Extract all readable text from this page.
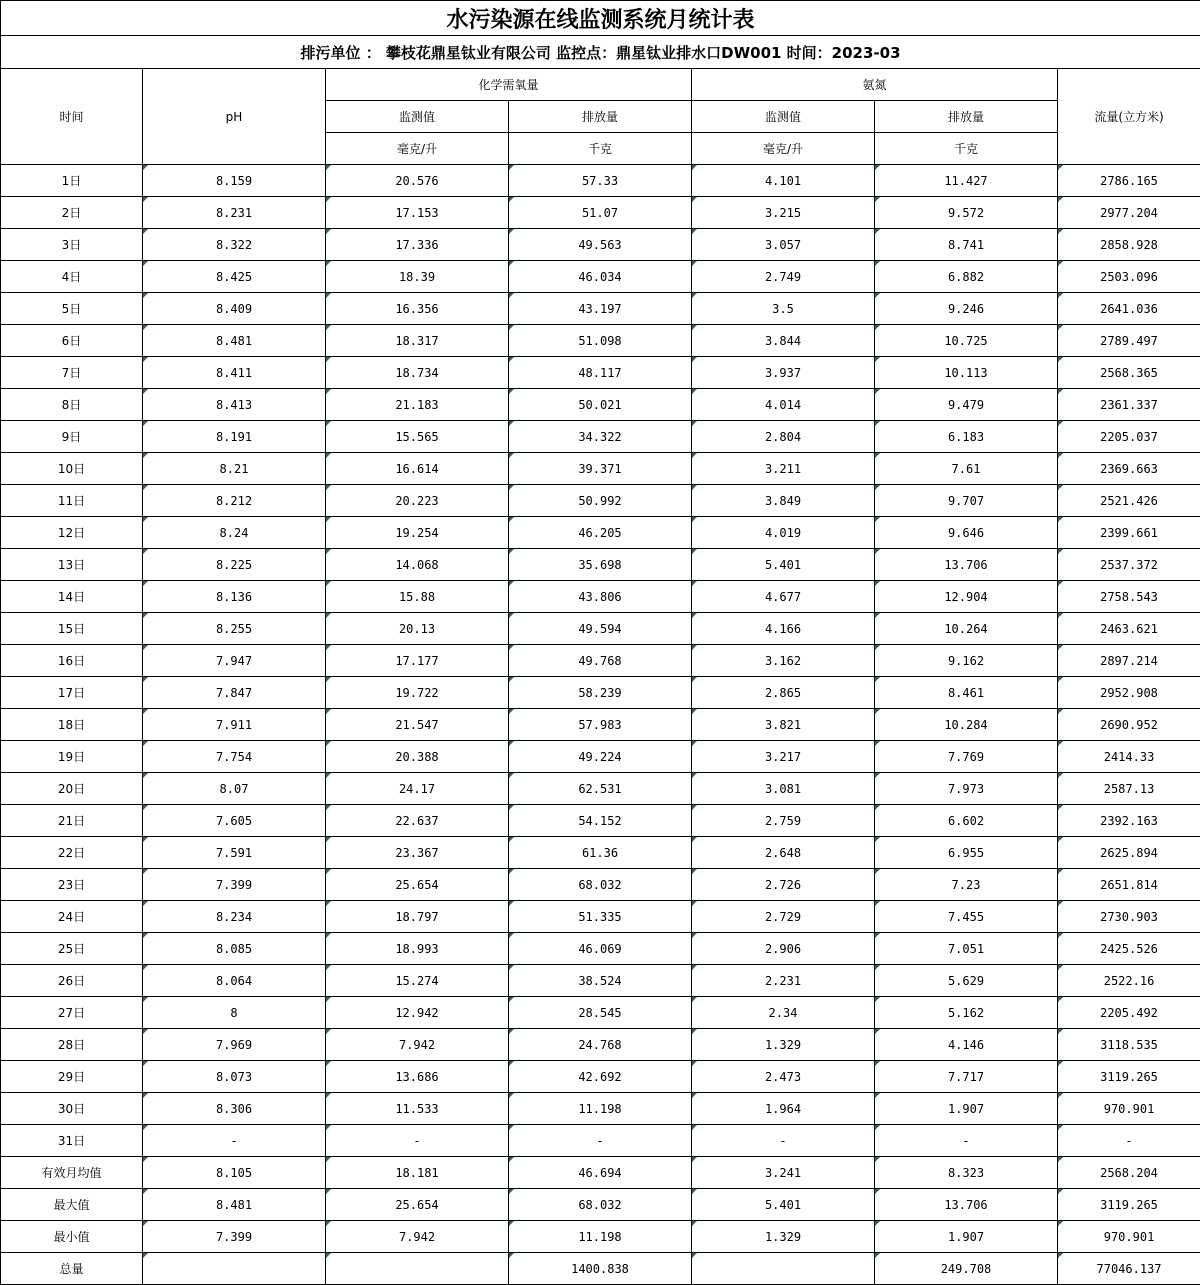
水污染源在线监测系统月统计表						
排污单位 ： 攀枝花鼎星钛业有限公司 监控点：鼎星钛业排水口DW001 时间：2023-03						
时间	pH	化学需氧量		氨氮		流量(立方米)
		监测值	排放量	监测值	排放量	
		毫克/升	千克	毫克/升	千克	
1日	8.159	20.576	57.33	4.101	11.427	2786.165
2日	8.231	17.153	51.07	3.215	9.572	2977.204
3日	8.322	17.336	49.563	3.057	8.741	2858.928
4日	8.425	18.39	46.034	2.749	6.882	2503.096
5日	8.409	16.356	43.197	3.5	9.246	2641.036
6日	8.481	18.317	51.098	3.844	10.725	2789.497
7日	8.411	18.734	48.117	3.937	10.113	2568.365
8日	8.413	21.183	50.021	4.014	9.479	2361.337
9日	8.191	15.565	34.322	2.804	6.183	2205.037
10日	8.21	16.614	39.371	3.211	7.61	2369.663
11日	8.212	20.223	50.992	3.849	9.707	2521.426
12日	8.24	19.254	46.205	4.019	9.646	2399.661
13日	8.225	14.068	35.698	5.401	13.706	2537.372
14日	8.136	15.88	43.806	4.677	12.904	2758.543
15日	8.255	20.13	49.594	4.166	10.264	2463.621
16日	7.947	17.177	49.768	3.162	9.162	2897.214
17日	7.847	19.722	58.239	2.865	8.461	2952.908
18日	7.911	21.547	57.983	3.821	10.284	2690.952
19日	7.754	20.388	49.224	3.217	7.769	2414.33
20日	8.07	24.17	62.531	3.081	7.973	2587.13
21日	7.605	22.637	54.152	2.759	6.602	2392.163
22日	7.591	23.367	61.36	2.648	6.955	2625.894
23日	7.399	25.654	68.032	2.726	7.23	2651.814
24日	8.234	18.797	51.335	2.729	7.455	2730.903
25日	8.085	18.993	46.069	2.906	7.051	2425.526
26日	8.064	15.274	38.524	2.231	5.629	2522.16
27日	8	12.942	28.545	2.34	5.162	2205.492
28日	7.969	7.942	24.768	1.329	4.146	3118.535
29日	8.073	13.686	42.692	2.473	7.717	3119.265
30日	8.306	11.533	11.198	1.964	1.907	970.901
31日	-	-	-	-	-	-
有效月均值	8.105	18.181	46.694	3.241	8.323	2568.204
最大值	8.481	25.654	68.032	5.401	13.706	3119.265
最小值	7.399	7.942	11.198	1.329	1.907	970.901
总量			1400.838		249.708	77046.137
